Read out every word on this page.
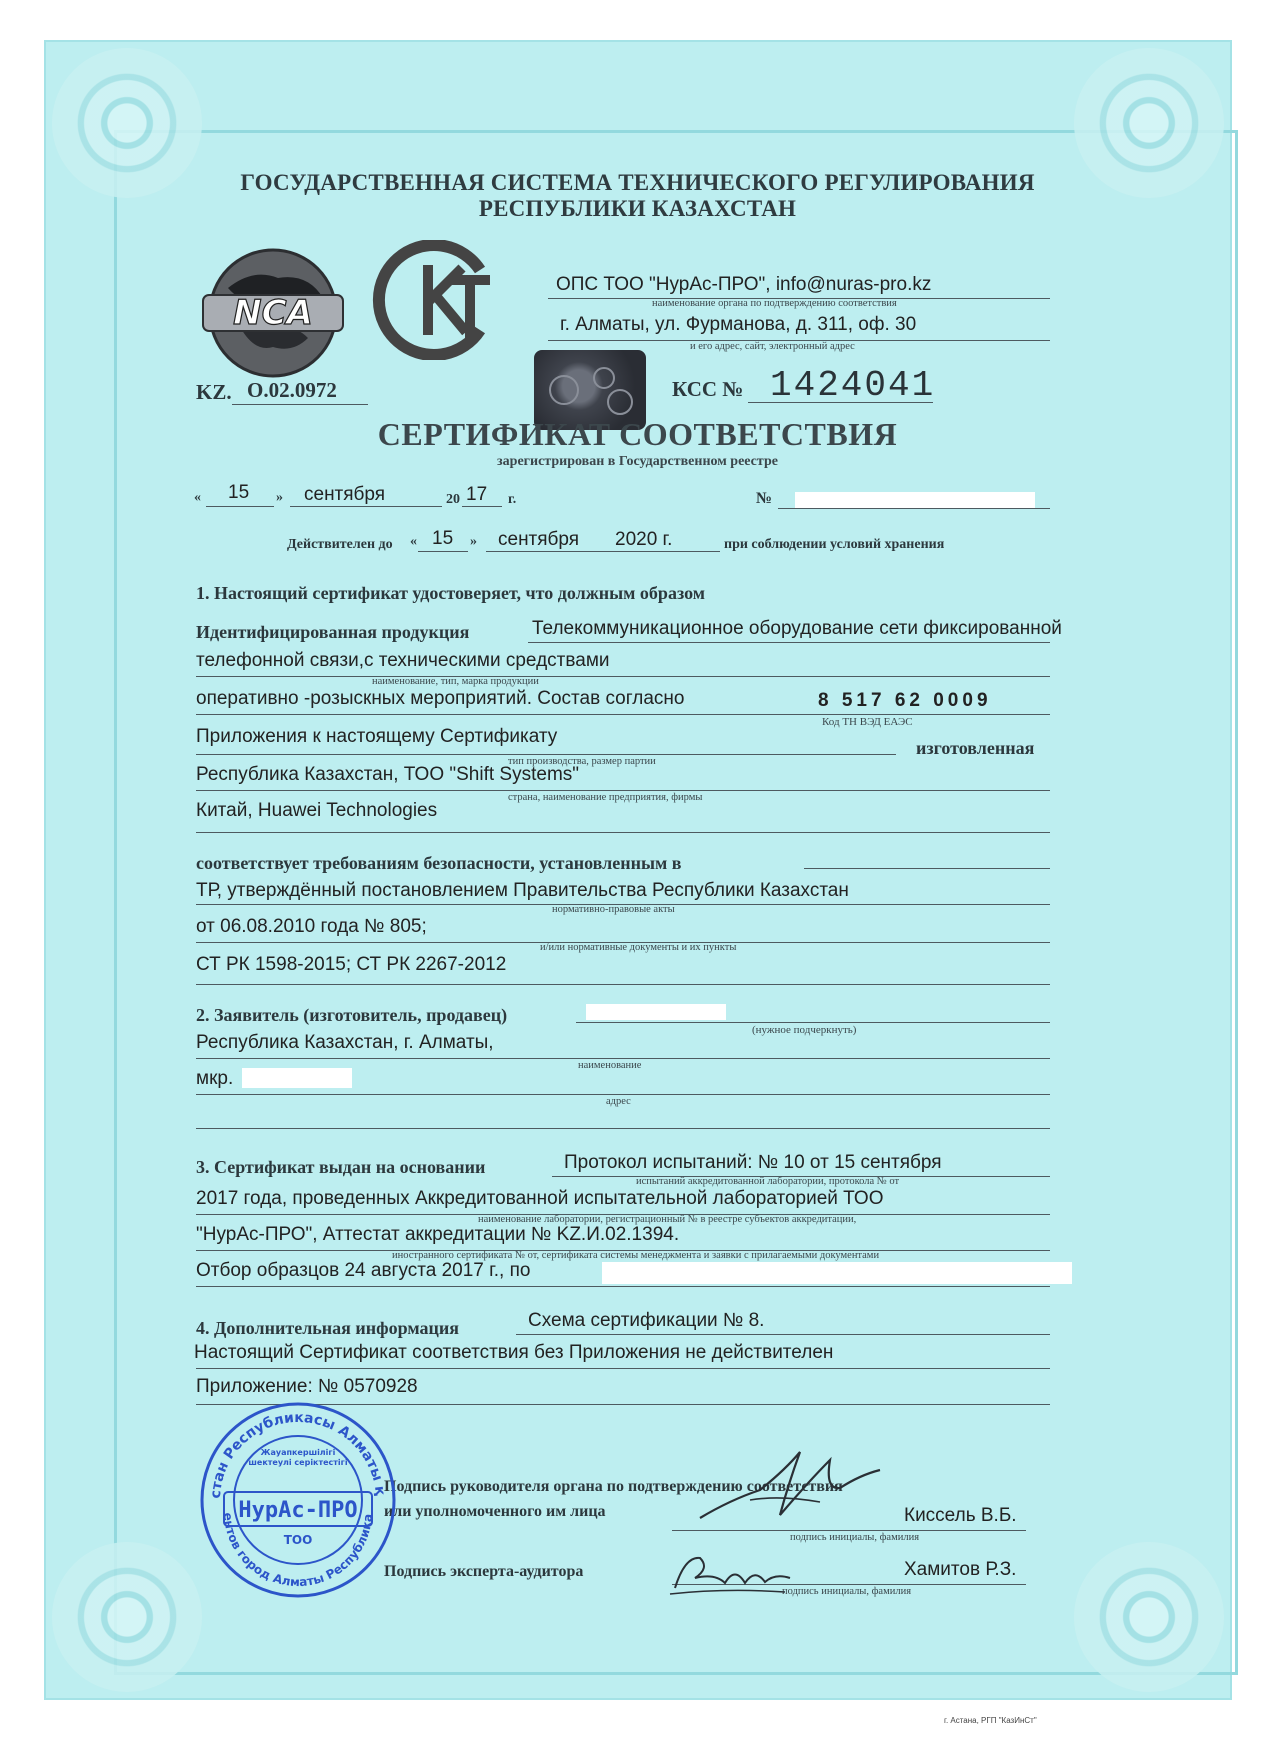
ГОСУДАРСТВЕННАЯ СИСТЕМА ТЕХНИЧЕСКОГО РЕГУЛИРОВАНИЯ
РЕСПУБЛИКИ КАЗАХСТАН
NCA
KZ. О.02.0972
ОПС ТОО "НурАс-ПРО", info@nuras-pro.kz
наименование органа по подтверждению соответствия
г. Алматы, ул. Фурманова, д. 311, оф. 30
и его адрес, сайт, электронный адрес
КСС № 1424041
СЕРТИФИКАТ СООТВЕТСТВИЯ
зарегистрирован в Государственном реестре
« 15 » сентября	20 17 г.	№
Действителен до « 15 » сентября 2020 г.	при соблюдении условий хранения
1. Настоящий сертификат удостоверяет, что должным образом
Идентифицированная продукция	Телекоммуникационное оборудование сети фиксированной
телефонной связи,с техническими средствами
наименование, тип, марка продукции
оперативно -розыскных мероприятий. Состав согласно	8 517 62 0009
Код ТН ВЭД ЕАЭС
Приложения к настоящему Сертификату
изготовленная
тип производства, размер партии
Республика Казахстан, ТОО "Shift Systems"
страна, наименование предприятия, фирмы
Китай, Huawei Technologies
соответствует требованиям безопасности, установленным в
ТР, утверждённый постановлением Правительства Республики Казахстан
нормативно-правовые акты
от 06.08.2010 года № 805;
и/или нормативные документы и их пункты
СТ РК 1598-2015; СТ РК 2267-2012
2. Заявитель (изготовитель, продавец)
(нужное подчеркнуть)
Республика Казахстан, г. Алматы,
наименование
мкр.
адрес
3. Сертификат выдан на основании	Протокол испытаний: № 10 от 15 сентября
испытаний аккредитованной лаборатории, протокола № от
2017 года, проведенных Аккредитованной испытательной лабораторией ТОО
наименование лаборатории, регистрационный № в реестре субъектов аккредитации,
"НурАс-ПРО", Аттестат аккредитации № KZ.И.02.1394.
иностранного сертификата № от, сертификата системы менеджмента и заявки с прилагаемыми документами
Отбор образцов 24 августа 2017 г., по
4. Дополнительная информация	Схема сертификации № 8.
Настоящий Сертификат соответствия без Приложения не действителен
Приложение: № 0570928
Подпись руководителя органа по подтверждению соответствия
или уполномоченного им лица	Киссель В.Б.
подпись инициалы, фамилия
Подпись эксперта-аудитора	Хамитов Р.З.
подпись инициалы, фамилия
стан Республикасы Алматы қ
ентов город Алматы Республика
Жауапкершілігі шектеулі серіктестігі
НурАс-ПРО
ТОО
г. Астана, РГП "КазИнСт"
